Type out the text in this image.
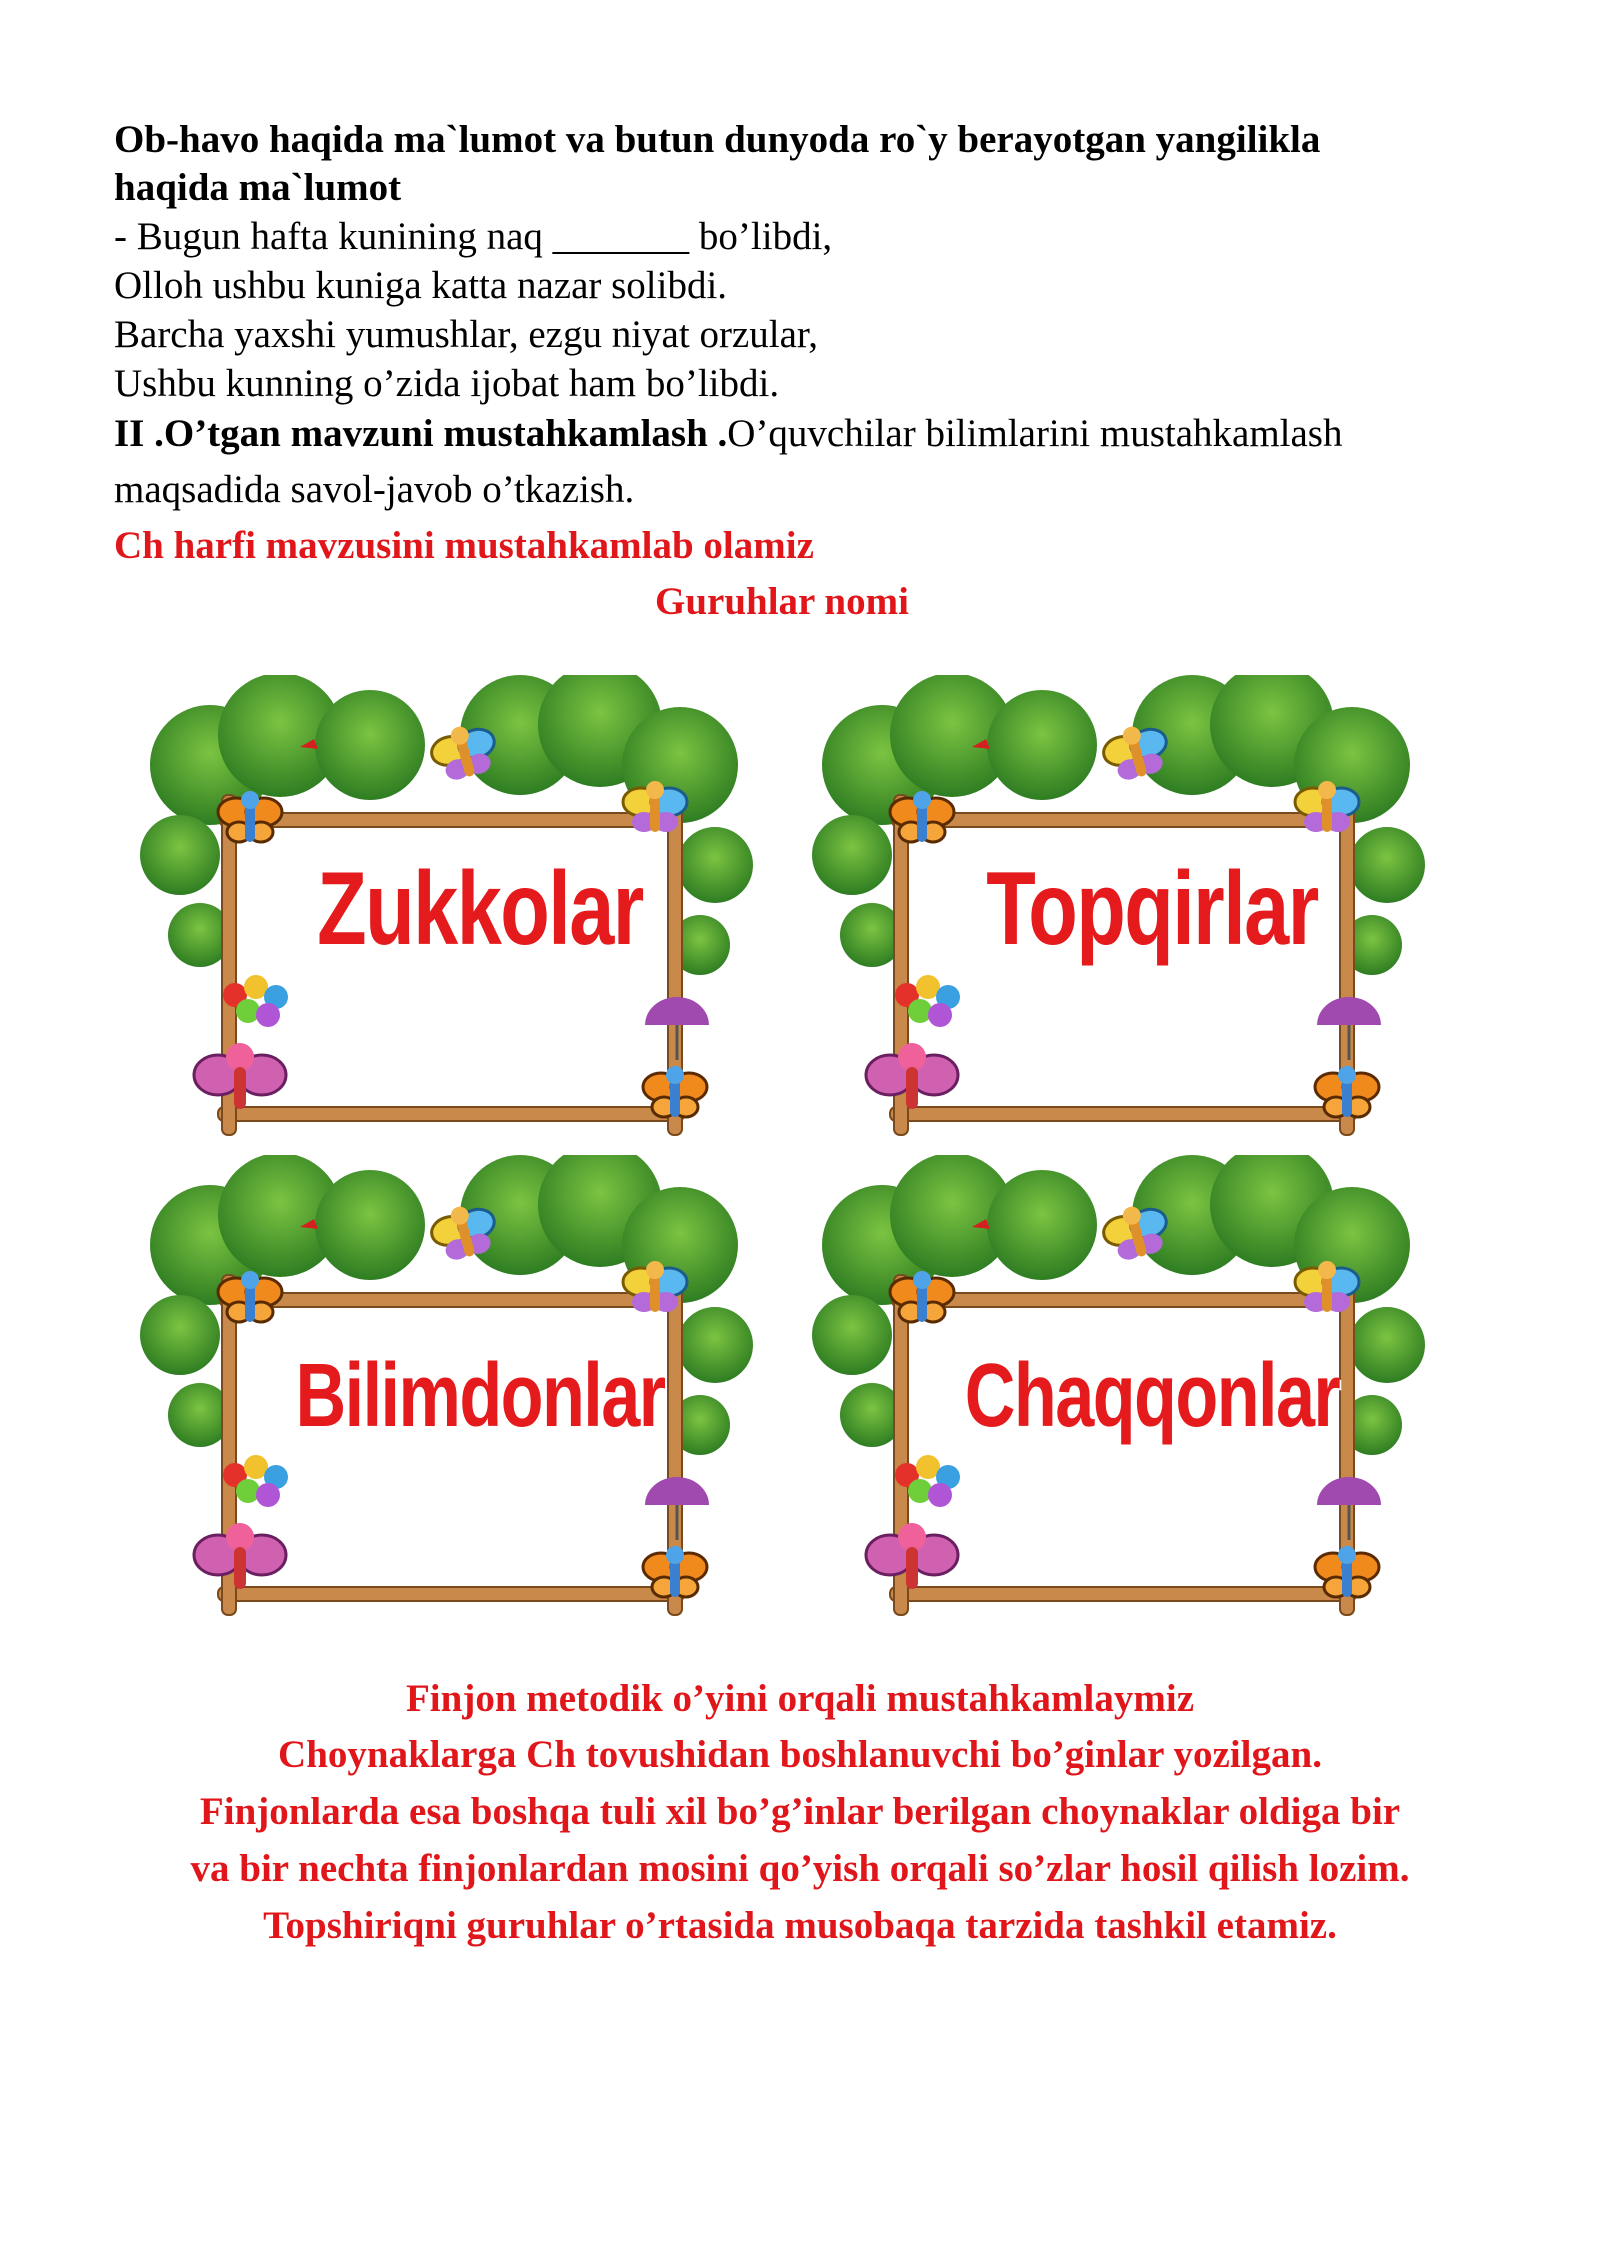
Ob-havo haqida ma`lumot va butun dunyoda ro`y berayotgan yangilikla
haqida ma`lumot
- Bugun hafta kunining naq _______ bo’libdi,
Olloh ushbu kuniga katta nazar solibdi.
Barcha yaxshi yumushlar, ezgu niyat orzular,
Ushbu kunning o’zida ijobat ham bo’libdi.
II .O’tgan mavzuni mustahkamlash .O’quvchilar bilimlarini mustahkamlash
maqsadida savol-javob o’tkazish.
Ch harfi mavzusini mustahkamlab olamiz
Guruhlar nomi
Zukkolar	Topqirlar
Bilimdonlar	Chaqqonlar
Finjon metodik o’yini orqali mustahkamlaymiz
Choynaklarga Ch tovushidan boshlanuvchi bo’ginlar yozilgan.
Finjonlarda esa boshqa tuli xil bo’g’inlar berilgan choynaklar oldiga bir
va bir nechta finjonlardan mosini qo’yish orqali so’zlar hosil qilish lozim.
Topshiriqni guruhlar o’rtasida musobaqa tarzida tashkil etamiz.
